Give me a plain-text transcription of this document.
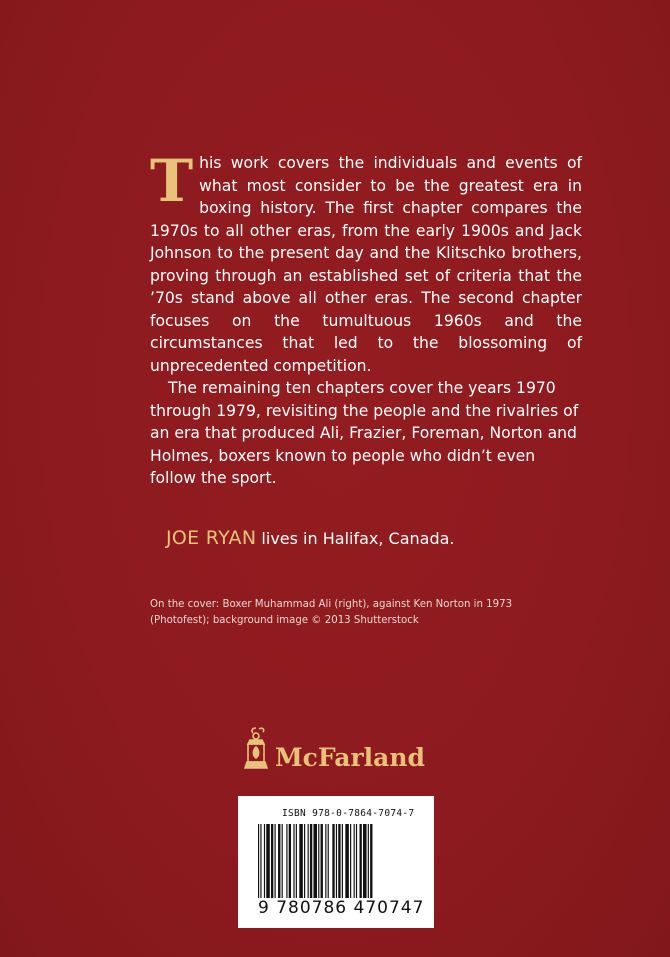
This work covers the individuals and events of what most consider to be the greatest era in boxing history. The first chapter compares the 1970s to all other eras, from the early 1900s and Jack Johnson to the present day and the Klitschko brothers, proving through an established set of criteria that the ’70s stand above all other eras. The second chapter focuses on the tumultuous 1960s and the circumstances that led to the blossoming of unprecedented competition.

The remaining ten chapters cover the years 1970 through 1979, revisiting the people and the rivalries of an era that produced Ali, Frazier, Foreman, Norton and Holmes, boxers known to people who didn’t even follow the sport.

JOE RYAN lives in Halifax, Canada.
On the cover: Boxer Muhammad Ali (right), against Ken Norton in 1973 (Photofest); background image © 2013 Shutterstock
McFarland
ISBN 978-0-7864-7074-7
9 780786 470747
